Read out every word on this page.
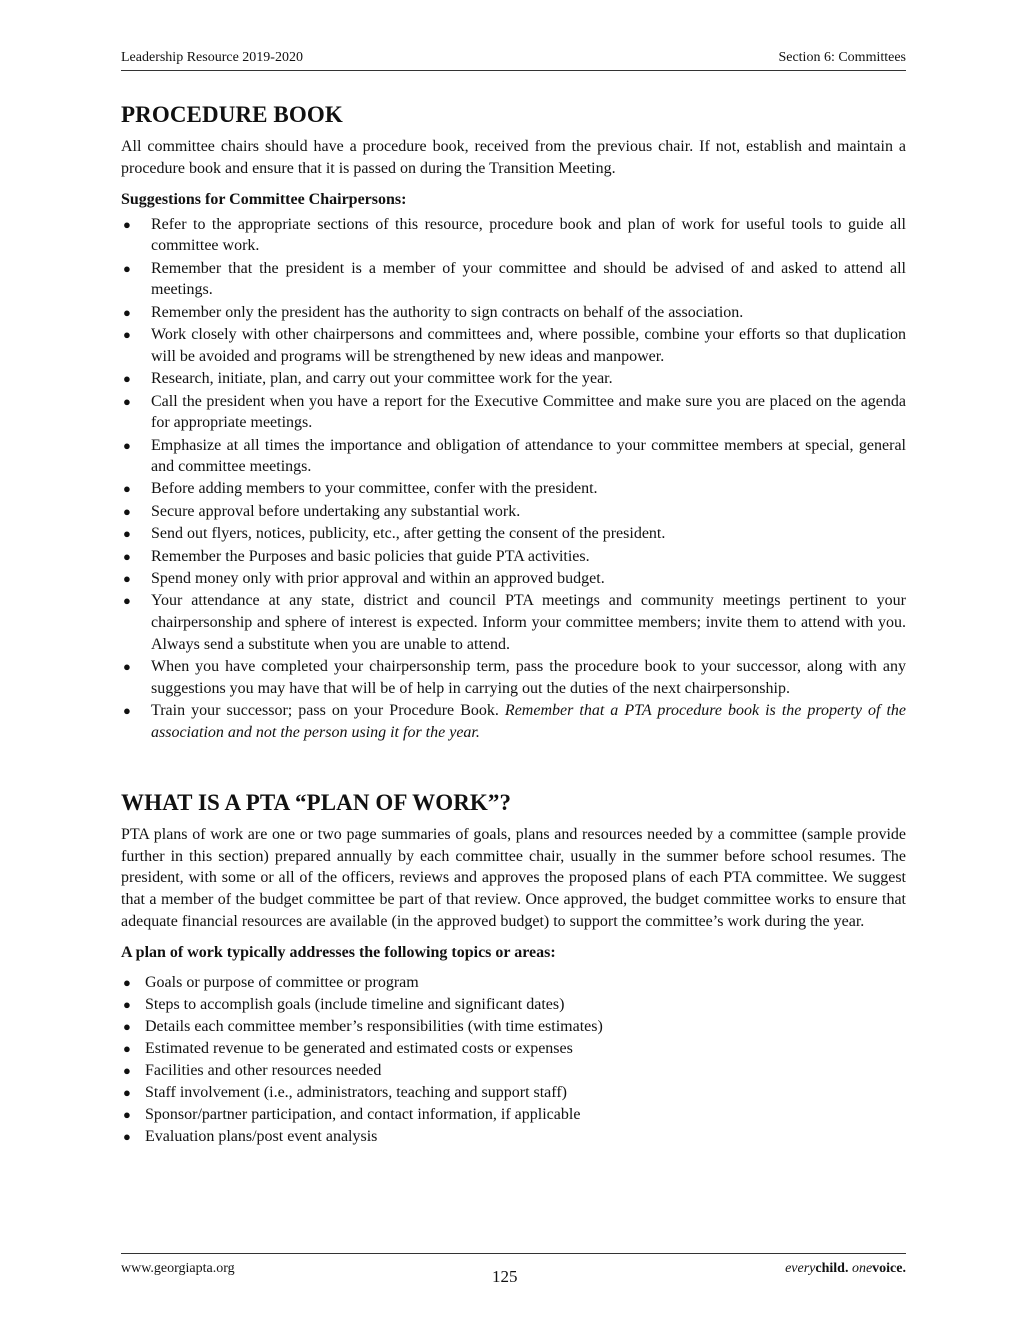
Leadership Resource 2019-2020	Section 6: Committees
PROCEDURE BOOK
All committee chairs should have a procedure book, received from the previous chair. If not, establish and maintain a procedure book and ensure that it is passed on during the Transition Meeting.
Suggestions for Committee Chairpersons:
● Refer to the appropriate sections of this resource, procedure book and plan of work for useful tools to guide all committee work.
● Remember that the president is a member of your committee and should be advised of and asked to attend all meetings.
● Remember only the president has the authority to sign contracts on behalf of the association.
● Work closely with other chairpersons and committees and, where possible, combine your efforts so that duplication will be avoided and programs will be strengthened by new ideas and manpower.
● Research, initiate, plan, and carry out your committee work for the year.
● Call the president when you have a report for the Executive Committee and make sure you are placed on the agenda for appropriate meetings.
● Emphasize at all times the importance and obligation of attendance to your committee members at special, general and committee meetings.
● Before adding members to your committee, confer with the president.
● Secure approval before undertaking any substantial work.
● Send out flyers, notices, publicity, etc., after getting the consent of the president.
● Remember the Purposes and basic policies that guide PTA activities.
● Spend money only with prior approval and within an approved budget.
● Your attendance at any state, district and council PTA meetings and community meetings pertinent to your chairpersonship and sphere of interest is expected. Inform your committee members; invite them to attend with you. Always send a substitute when you are unable to attend.
● When you have completed your chairpersonship term, pass the procedure book to your successor, along with any suggestions you may have that will be of help in carrying out the duties of the next chairpersonship.
● Train your successor; pass on your Procedure Book. Remember that a PTA procedure book is the property of the association and not the person using it for the year.
WHAT IS A PTA “PLAN OF WORK”?
PTA plans of work are one or two page summaries of goals, plans and resources needed by a committee (sample provide further in this section) prepared annually by each committee chair, usually in the summer before school resumes. The president, with some or all of the officers, reviews and approves the proposed plans of each PTA committee. We suggest that a member of the budget committee be part of that review. Once approved, the budget committee works to ensure that adequate financial resources are available (in the approved budget) to support the committee’s work during the year.
A plan of work typically addresses the following topics or areas:
● Goals or purpose of committee or program
● Steps to accomplish goals (include timeline and significant dates)
● Details each committee member’s responsibilities (with time estimates)
● Estimated revenue to be generated and estimated costs or expenses
● Facilities and other resources needed
● Staff involvement (i.e., administrators, teaching and support staff)
● Sponsor/partner participation, and contact information, if applicable
● Evaluation plans/post event analysis
www.georgiapta.org	125	everychild. onevoice.
